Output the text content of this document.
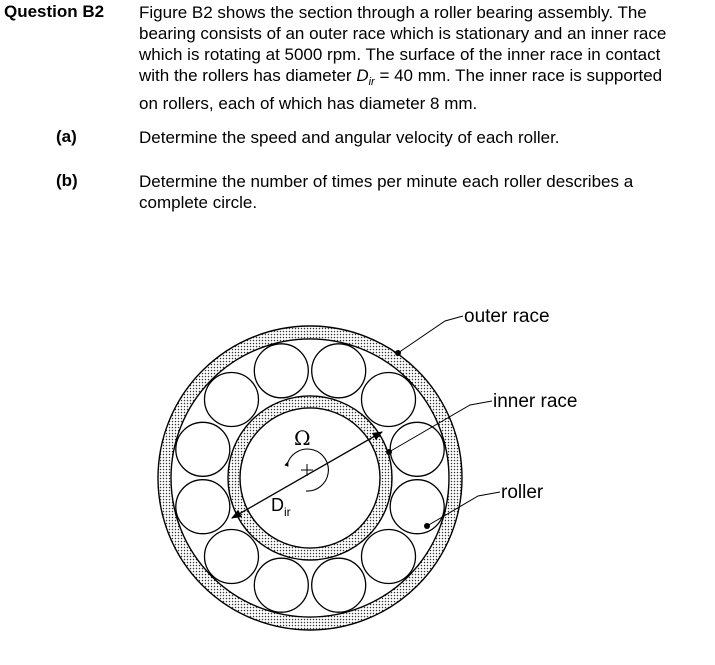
Question B2 Figure B2 shows the section through a roller bearing assembly. The
bearing consists of an outer race which is stationary and an inner race
which is rotating at 5000 rpm. The surface of the inner race in contact
with the rollers has diameter $D_{ir} = 40$ mm. The inner race is supported
on rollers, each of which has diameter 8 mm.
(a)	Determine the speed and angular velocity of each roller.
(b)	Determine the number of times per minute each roller describes a
complete circle.
Ω
$D_{ir}$
outer race
inner race
roller
